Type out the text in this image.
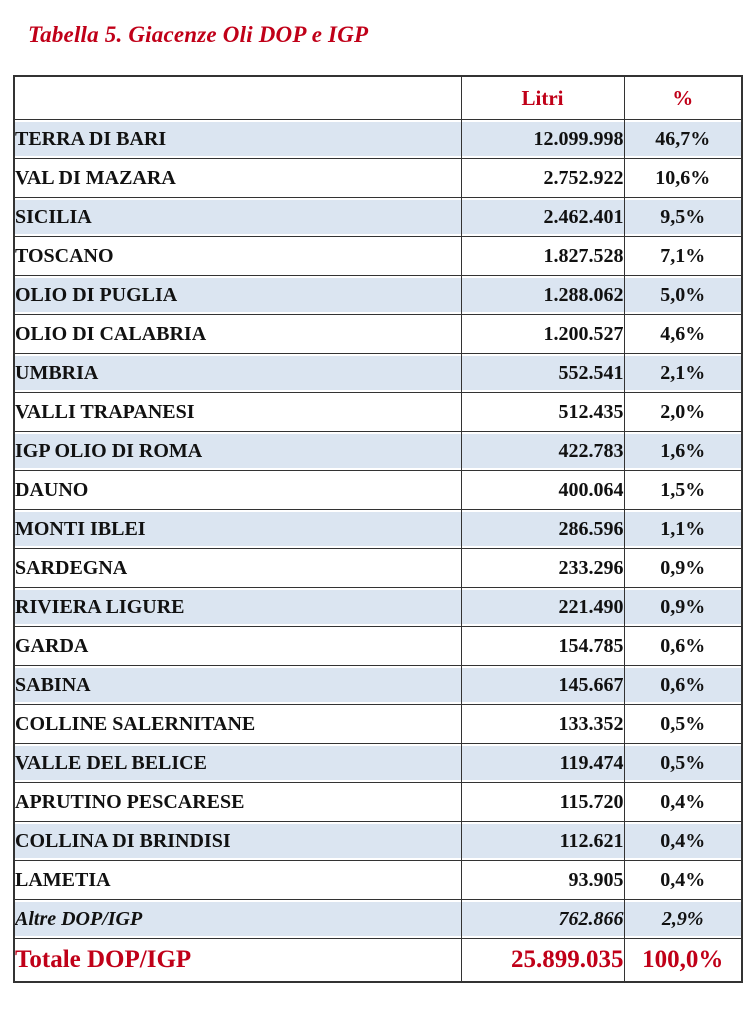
Tabella 5. Giacenze Oli DOP e IGP
	Litri	%
TERRA DI BARI	12.099.998	46,7%
VAL DI MAZARA	2.752.922	10,6%
SICILIA	2.462.401	9,5%
TOSCANO	1.827.528	7,1%
OLIO DI PUGLIA	1.288.062	5,0%
OLIO DI CALABRIA	1.200.527	4,6%
UMBRIA	552.541	2,1%
VALLI TRAPANESI	512.435	2,0%
IGP OLIO DI ROMA	422.783	1,6%
DAUNO	400.064	1,5%
MONTI IBLEI	286.596	1,1%
SARDEGNA	233.296	0,9%
RIVIERA LIGURE	221.490	0,9%
GARDA	154.785	0,6%
SABINA	145.667	0,6%
COLLINE SALERNITANE	133.352	0,5%
VALLE DEL BELICE	119.474	0,5%
APRUTINO PESCARESE	115.720	0,4%
COLLINA DI BRINDISI	112.621	0,4%
LAMETIA	93.905	0,4%
Altre DOP/IGP	762.866	2,9%
Totale DOP/IGP	25.899.035	100,0%
